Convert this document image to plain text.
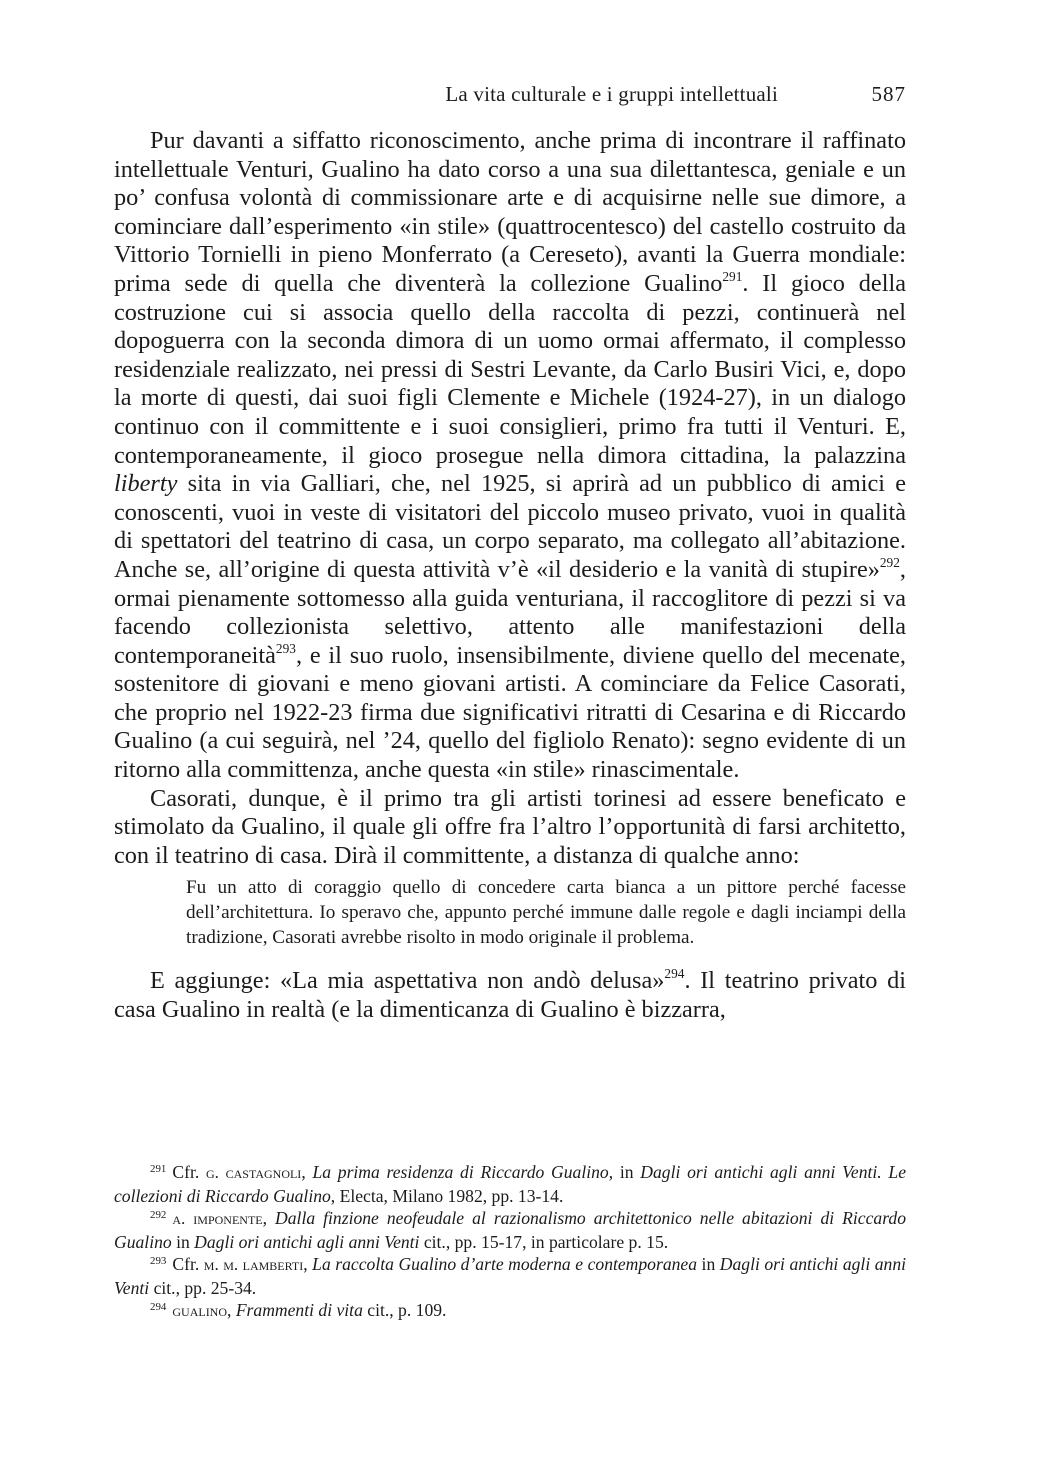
La vita culturale e i gruppi intellettuali	587

Pur davanti a siffatto riconoscimento, anche prima di incontrare il raffinato intellettuale Venturi, Gualino ha dato corso a una sua dilettantesca, geniale e un po’ confusa volontà di commissionare arte e di acquisirne nelle sue dimore, a cominciare dall’esperimento «in stile» (quattrocentesco) del castello costruito da Vittorio Tornielli in pieno Monferrato (a Cereseto), avanti la Guerra mondiale: prima sede di quella che diventerà la collezione Gualino$^{291}$. Il gioco della costruzione cui si associa quello della raccolta di pezzi, continuerà nel dopoguerra con la seconda dimora di un uomo ormai affermato, il complesso residenziale realizzato, nei pressi di Sestri Levante, da Carlo Busiri Vici, e, dopo la morte di questi, dai suoi figli Clemente e Michele (1924-27), in un dialogo continuo con il committente e i suoi consiglieri, primo fra tutti il Venturi. E, contemporaneamente, il gioco prosegue nella dimora cittadina, la palazzina liberty sita in via Galliari, che, nel 1925, si aprirà ad un pubblico di amici e conoscenti, vuoi in veste di visitatori del piccolo museo privato, vuoi in qualità di spettatori del teatrino di casa, un corpo separato, ma collegato all’abitazione. Anche se, all’origine di questa attività v’è «il desiderio e la vanità di stupire»$^{292}$, ormai pienamente sottomesso alla guida venturiana, il raccoglitore di pezzi si va facendo collezionista selettivo, attento alle manifestazioni della contemporaneità$^{293}$, e il suo ruolo, insensibilmente, diviene quello del mecenate, sostenitore di giovani e meno giovani artisti. A cominciare da Felice Casorati, che proprio nel 1922-23 firma due significativi ritratti di Cesarina e di Riccardo Gualino (a cui seguirà, nel ’24, quello del figliolo Renato): segno evidente di un ritorno alla committenza, anche questa «in stile» rinascimentale.

Casorati, dunque, è il primo tra gli artisti torinesi ad essere beneficato e stimolato da Gualino, il quale gli offre fra l’altro l’opportunità di farsi architetto, con il teatrino di casa. Dirà il committente, a distanza di qualche anno:

Fu un atto di coraggio quello di concedere carta bianca a un pittore perché facesse dell’architettura. Io speravo che, appunto perché immune dalle regole e dagli inciampi della tradizione, Casorati avrebbe risolto in modo originale il problema.

E aggiunge: «La mia aspettativa non andò delusa»$^{294}$. Il teatrino privato di casa Gualino in realtà (e la dimenticanza di Gualino è bizzarra,

$^{291}$ Cfr. g. castagnoli, La prima residenza di Riccardo Gualino, in Dagli ori antichi agli anni Venti. Le collezioni di Riccardo Gualino, Electa, Milano 1982, pp. 13-14.

$^{292}$ a. imponente, Dalla finzione neofeudale al razionalismo architettonico nelle abitazioni di Riccardo Gualino in Dagli ori antichi agli anni Venti cit., pp. 15-17, in particolare p. 15.

$^{293}$ Cfr. m. m. lamberti, La raccolta Gualino d’arte moderna e contemporanea in Dagli ori antichi agli anni Venti cit., pp. 25-34.

$^{294}$ gualino, Frammenti di vita cit., p. 109.
